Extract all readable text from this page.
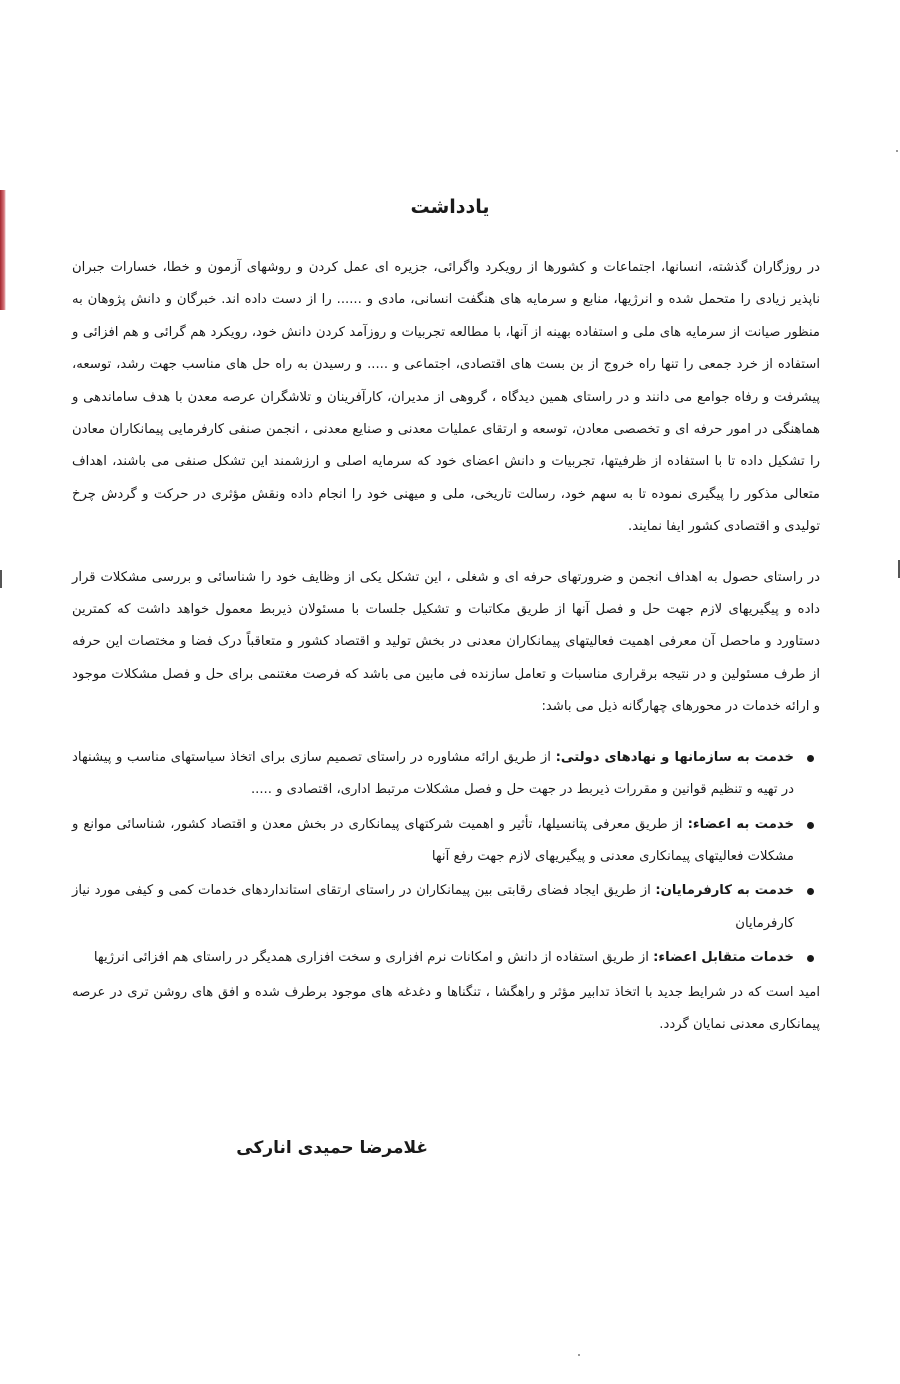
یادداشت

در روزگاران گذشته، انسانها، اجتماعات و کشورها از رویکرد واگرائی، جزیره ای عمل کردن و روشهای آزمون و خطا، خسارات جبران ناپذیر زیادی را متحمل شده و انرژیها، منابع و سرمایه های هنگفت انسانی، مادی و ...... را از دست داده اند. خبرگان و دانش پژوهان به منظور صیانت از سرمایه های ملی و استفاده بهینه از آنها، با مطالعه تجربیات و روزآمد کردن دانش خود، رویکرد هم گرائی و هم افزائی و استفاده از خرد جمعی را تنها راه خروج از بن بست های اقتصادی، اجتماعی و ..... و رسیدن به راه حل های مناسب جهت رشد، توسعه، پیشرفت و رفاه جوامع می دانند و در راستای همین دیدگاه ، گروهی از مدیران، کارآفرینان و تلاشگران عرصه معدن با هدف ساماندهی و هماهنگی در امور حرفه ای و تخصصی معادن، توسعه و ارتقای عملیات معدنی و صنایع معدنی ، انجمن صنفی کارفرمایی پیمانکاران معادن را تشکیل داده تا با استفاده از ظرفیتها، تجربیات و دانش اعضای خود که سرمایه اصلی و ارزشمند این تشکل صنفی می باشند، اهداف متعالی مذکور را پیگیری نموده تا به سهم خود، رسالت تاریخی، ملی و میهنی خود را انجام داده ونقش مؤثری در حرکت و گردش چرخ تولیدی و اقتصادی کشور ایفا نمایند.

در راستای حصول به اهداف انجمن و ضرورتهای حرفه ای و شغلی ، این تشکل یکی از وظایف خود را شناسائی و بررسی مشکلات قرار داده و پیگیریهای لازم جهت حل و فصل آنها از طریق مکاتبات و تشکیل جلسات با مسئولان ذیربط معمول خواهد داشت که کمترین دستاورد و ماحصل آن معرفی اهمیت فعالیتهای پیمانکاران معدنی در بخش تولید و اقتصاد کشور و متعاقباً درک فضا و مختصات این حرفه از طرف مسئولین و در نتیجه برقراری مناسبات و تعامل سازنده فی مابین می باشد که فرصت مغتنمی برای حل و فصل مشکلات موجود و ارائه خدمات در محورهای چهارگانه ذیل می باشد:

خدمت به سازمانها و نهادهای دولتی: از طریق ارائه مشاوره در راستای تصمیم سازی برای اتخاذ سیاستهای مناسب و پیشنهاد در تهیه و تنظیم قوانین و مقررات ذیربط در جهت حل و فصل مشکلات مرتبط اداری، اقتصادی و .....
خدمت به اعضاء: از طریق معرفی پتانسیلها، تأثیر و اهمیت شرکتهای پیمانکاری در بخش معدن و اقتصاد کشور، شناسائی موانع و مشکلات فعالیتهای پیمانکاری معدنی و پیگیریهای لازم جهت رفع آنها
خدمت به کارفرمایان: از طریق ایجاد فضای رقابتی بین پیمانکاران در راستای ارتقای استانداردهای خدمات کمی و کیفی مورد نیاز کارفرمایان
خدمات متقابل اعضاء: از طریق استفاده از دانش و امکانات نرم افزاری و سخت افزاری همدیگر در راستای هم افزائی انرژیها

امید است که در شرایط جدید با اتخاذ تدابیر مؤثر و راهگشا ، تنگناها و دغدغه های موجود برطرف شده و افق های روشن تری در عرصه پیمانکاری معدنی نمایان گردد.

غلامرضا حمیدی انارکی
